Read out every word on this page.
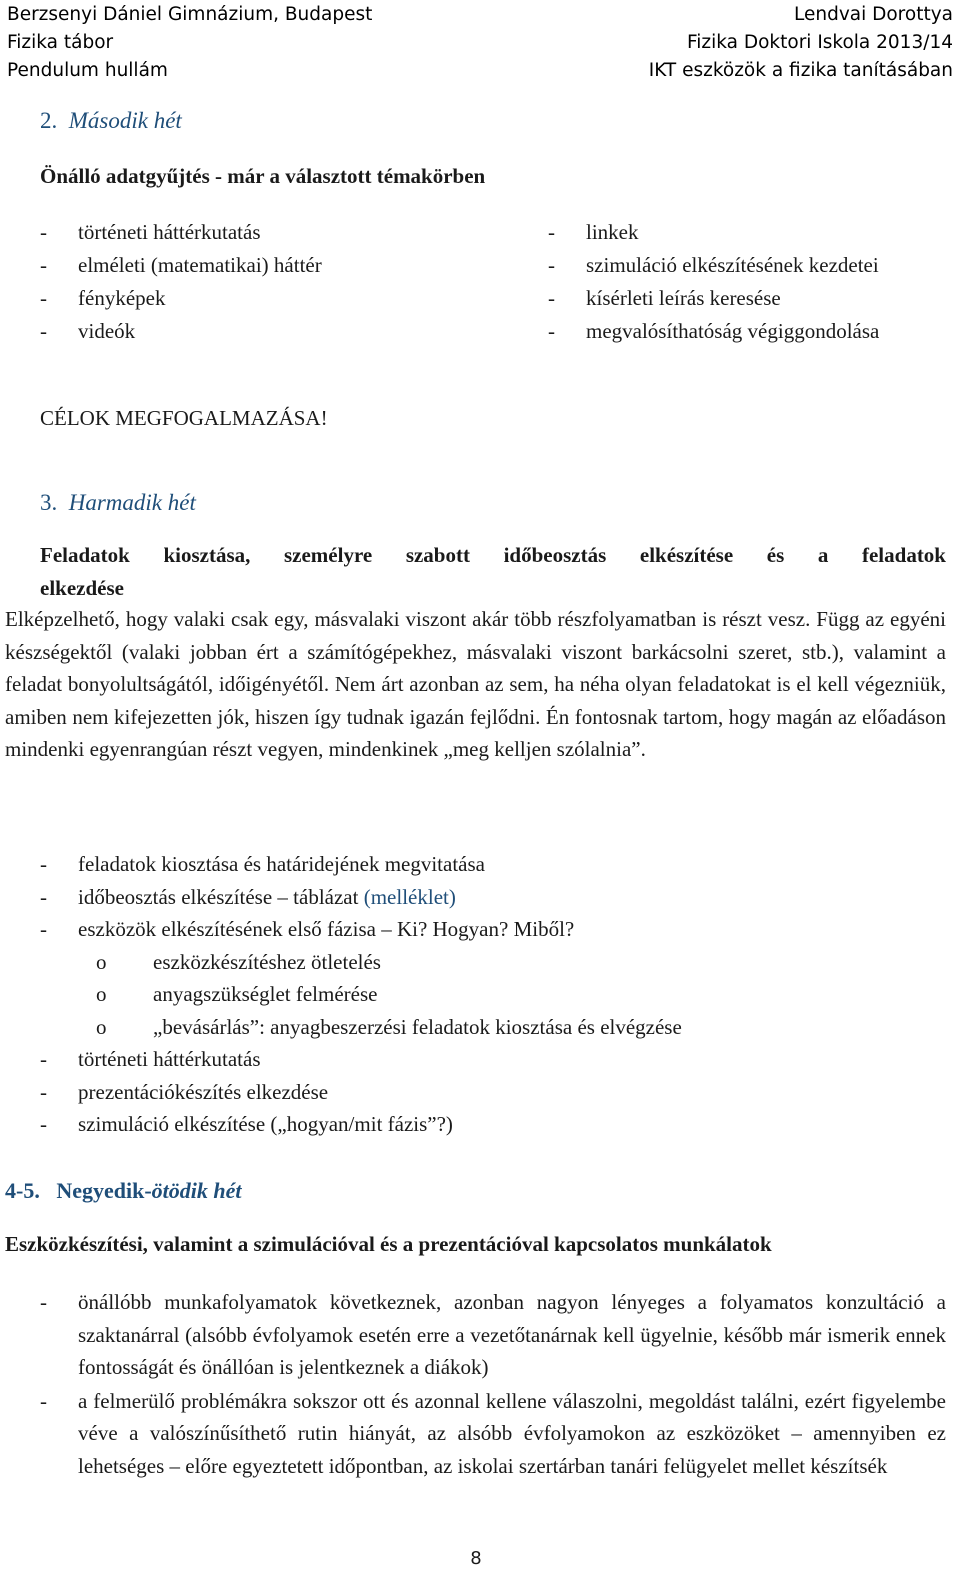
Berzsenyi Dániel Gimnázium, Budapest
Fizika tábor
Pendulum hullám
Lendvai Dorottya
Fizika Doktori Iskola 2013/14
IKT eszközök a fizika tanításában
2. Második hét
Önálló adatgyűjtés - már a választott témakörben
- történeti háttérkutatás
- elméleti (matematikai) háttér
- fényképek
- videók
- linkek
- szimuláció elkészítésének kezdetei
- kísérleti leírás keresése
- megvalósíthatóság végiggondolása
CÉLOK MEGFOGALMAZÁSA!
3. Harmadik hét
Feladatok kiosztása, személyre szabott időbeosztás elkészítése és a feladatok
elkezdése
Elképzelhető, hogy valaki csak egy, másvalaki viszont akár több részfolyamatban is részt vesz. Függ az egyéni készségektől (valaki jobban ért a számítógépekhez, másvalaki viszont barkácsolni szeret, stb.), valamint a feladat bonyolultságától, időigényétől. Nem árt azonban az sem, ha néha olyan feladatokat is el kell végezniük, amiben nem kifejezetten jók, hiszen így tudnak igazán fejlődni. Én fontosnak tartom, hogy magán az előadáson mindenki egyenrangúan részt vegyen, mindenkinek „meg kelljen szólalnia”.
- feladatok kiosztása és határidejének megvitatása
- időbeosztás elkészítése – táblázat (melléklet)
- eszközök elkészítésének első fázisa – Ki? Hogyan? Miből?
o eszközkészítéshez ötletelés
o anyagszükséglet felmérése
o „bevásárlás”: anyagbeszerzési feladatok kiosztása és elvégzése
- történeti háttérkutatás
- prezentációkészítés elkezdése
- szimuláció elkészítése („hogyan/mit fázis”?)
4-5. Negyedik-ötödik hét
Eszközkészítési, valamint a szimulációval és a prezentációval kapcsolatos munkálatok
- önállóbb munkafolyamatok következnek, azonban nagyon lényeges a folyamatos konzultáció a szaktanárral (alsóbb évfolyamok esetén erre a vezetőtanárnak kell ügyelnie, később már ismerik ennek fontosságát és önállóan is jelentkeznek a diákok)
- a felmerülő problémákra sokszor ott és azonnal kellene válaszolni, megoldást találni, ezért figyelembe véve a valószínűsíthető rutin hiányát, az alsóbb évfolyamokon az eszközöket – amennyiben ez lehetséges – előre egyeztetett időpontban, az iskolai szertárban tanári felügyelet mellet készítsék
8
